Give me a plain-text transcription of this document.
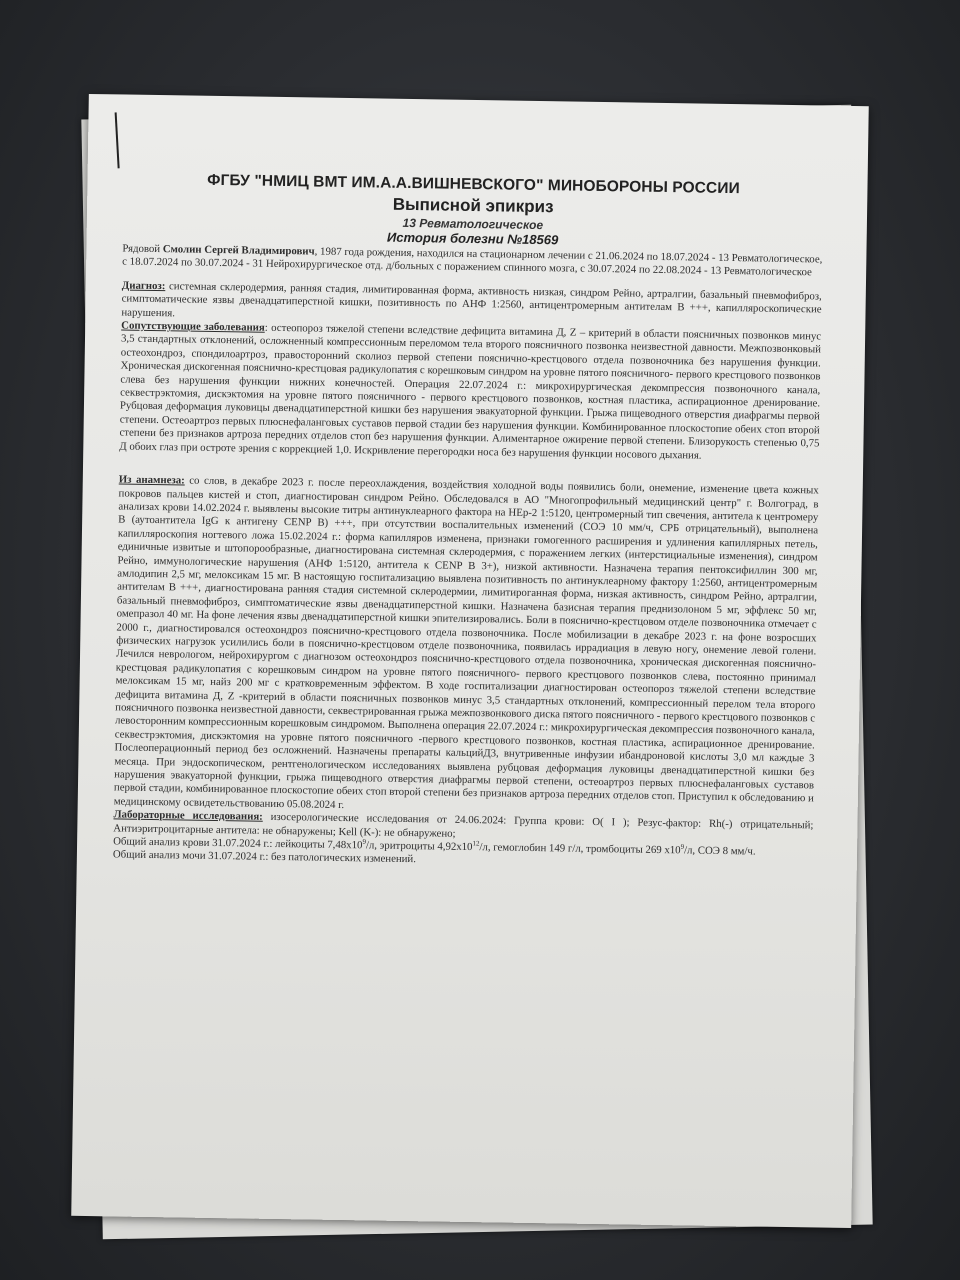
ФГБУ "НМИЦ ВМТ ИМ.А.А.ВИШНЕВСКОГО" МИНОБОРОНЫ РОССИИ
Выписной эпикриз
13 Ревматологическое
История болезни №18569

Рядовой Смолин Сергей Владимирович, 1987 года рождения, находился на стационарном лечении с 21.06.2024 по 18.07.2024 - 13 Ревматологическое, с 18.07.2024 по 30.07.2024 - 31 Нейрохирургическое отд. д/больных с поражением спинного мозга, с 30.07.2024 по 22.08.2024 - 13 Ревматологическое

Диагноз: системная склеродермия, ранняя стадия, лимитированная форма, активность низкая, синдром Рейно, артралгии, базальный пневмофиброз, симптоматические язвы двенадцатиперстной кишки, позитивность по АНФ 1:2560, антицентромерным антителам В +++, капилляроскопические нарушения.

Сопутствующие заболевания: остеопороз тяжелой степени вследствие дефицита витамина Д, Z – критерий в области поясничных позвонков минус 3,5 стандартных отклонений, осложненный компрессионным переломом тела второго поясничного позвонка неизвестной давности. Межпозвонковый остеохондроз, спондилоартроз, правосторонний сколиоз первой степени пояснично-крестцового отдела позвоночника без нарушения функции. Хроническая дискогенная пояснично-крестцовая радикулопатия с корешковым синдром на уровне пятого поясничного- первого крестцового позвонков слева без нарушения функции нижних конечностей. Операция 22.07.2024 г.: микрохирургическая декомпрессия позвоночного канала, секвестрэктомия, дискэктомия на уровне пятого поясничного - первого крестцового позвонков, костная пластика, аспирационное дренирование. Рубцовая деформация луковицы двенадцатиперстной кишки без нарушения эвакуаторной функции. Грыжа пищеводного отверстия диафрагмы первой степени. Остеоартроз первых плюснефаланговых суставов первой стадии без нарушения функции. Комбинированное плоскостопие обеих стоп второй степени без признаков артроза передних отделов стоп без нарушения функции. Алиментарное ожирение первой степени. Близорукость степенью 0,75 Д обоих глаз при остроте зрения с коррекцией 1,0. Искривление перегородки носа без нарушения функции носового дыхания.

Из анамнеза: со слов, в декабре 2023 г. после переохлаждения, воздействия холодной воды появились боли, онемение, изменение цвета кожных покровов пальцев кистей и стоп, диагностирован синдром Рейно. Обследовался в АО "Многопрофильный медицинский центр" г. Волгоград, в анализах крови 14.02.2024 г. выявлены высокие титры антинуклеарного фактора на HEp-2 1:5120, центромерный тип свечения, антитела к центромеру В (аутоантитела IgG к антигену CENP B) +++, при отсутствии воспалительных изменений (СОЭ 10 мм/ч, СРБ отрицательный), выполнена капилляроскопия ногтевого ложа 15.02.2024 г.: форма капилляров изменена, признаки гомогенного расширения и удлинения капиллярных петель, единичные извитые и штопорообразные, диагностирована системная склеродермия, с поражением легких (интерстициальные изменения), синдром Рейно, иммунологические нарушения (АНФ 1:5120, антитела к CENP B 3+), низкой активности. Назначена терапия пентоксифиллин 300 мг, амлодипин 2,5 мг, мелоксикам 15 мг. В настоящую госпитализацию выявлена позитивность по антинуклеарному фактору 1:2560, антицентромерным антителам В +++, диагностирована ранняя стадия системной склеродермии, лимитироганная форма, низкая активность, синдром Рейно, артралгии, базальный пневмофиброз, симптоматические язвы двенадцатиперстной кишки. Назначена базисная терапия преднизолоном 5 мг, эффлекс 50 мг, омепразол 40 мг. На фоне лечения язвы двенадцатиперстной кишки эпителизировались. Боли в пояснично-крестцовом отделе позвоночника отмечает с 2000 г., диагностировался остеохондроз пояснично-крестцового отдела позвоночника. После мобилизации в декабре 2023 г. на фоне возросших физических нагрузок усилились боли в пояснично-крестцовом отделе позвоночника, появилась иррадиация в левую ногу, онемение левой голени. Лечился неврологом, нейрохирургом с диагнозом остеохондроз пояснично-крестцового отдела позвоночника, хроническая дискогенная пояснично-крестцовая радикулопатия с корешковым синдром на уровне пятого поясничного- первого крестцового позвонков слева, постоянно принимал мелоксикам 15 мг, найз 200 мг с кратковременным эффектом. В ходе госпитализации диагностирован остеопороз тяжелой степени вследствие дефицита витамина Д, Z -критерий в области поясничных позвонков минус 3,5 стандартных отклонений, компрессионный перелом тела второго поясничного позвонка неизвестной давности, секвестрированная грыжа межпозвонкового диска пятого поясничного - первого крестцового позвонков с левосторонним компрессионным корешковым синдромом. Выполнена операция 22.07.2024 г.: микрохирургическая декомпрессия позвоночного канала, секвестрэктомия, дискэктомия на уровне пятого поясничного -первого крестцового позвонков, костная пластика, аспирационное дренирование. Послеоперационный период без осложнений. Назначены препараты кальцийД3, внутривенные инфузии ибандроновой кислоты 3,0 мл каждые 3 месяца. При эндоскопическом, рентгенологическом исследованиях выявлена рубцовая деформация луковицы двенадцатиперстной кишки без нарушения эвакуаторной функции, грыжа пищеводного отверстия диафрагмы первой степени, остеоартроз первых плюснефаланговых суставов первой стадии, комбинированное плоскостопие обеих стоп второй степени без признаков артроза передних отделов стоп. Приступил к обследованию и медицинскому освидетельствованию 05.08.2024 г.

Лабораторные исследования: изосерологические исследования от 24.06.2024: Группа крови: О( I ); Резус-фактор: Rh(-) отрицательный; Антиэритроцитарные антитела: не обнаружены; Kell (K-): не обнаружено;

Общий анализ крови 31.07.2024 г.: лейкоциты $7,48x10^9/л$, эритроциты $4,92x10^{12}/л$, гемоглобин 149 г/л, тромбоциты 269 $x10^9/л$, СОЭ 8 мм/ч.

Общий анализ мочи 31.07.2024 г.: без патологических изменений.
